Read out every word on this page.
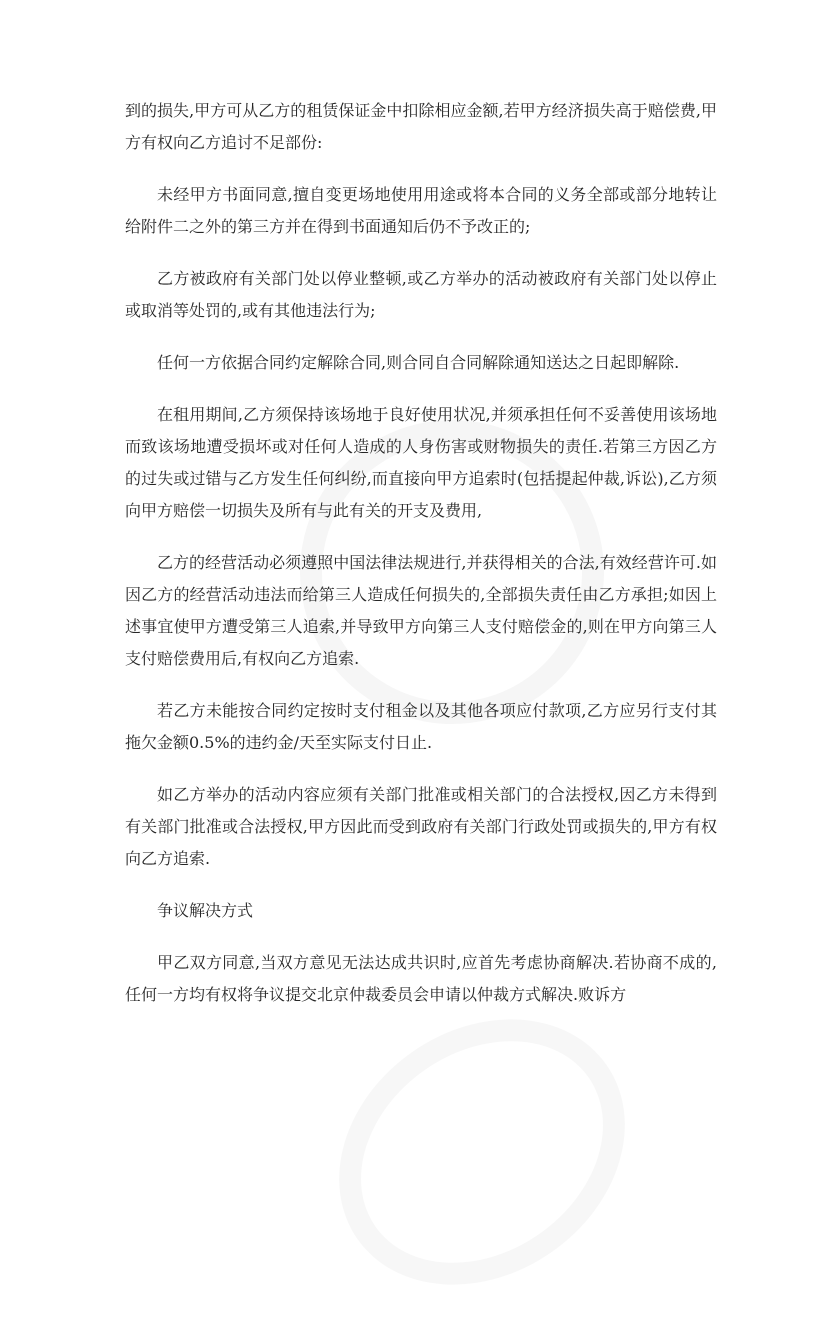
到的损失,甲方可从乙方的租赁保证金中扣除相应金额,若甲方经济损失高于赔偿费,甲方有权向乙方追讨不足部份:

未经甲方书面同意,擅自变更场地使用用途或将本合同的义务全部或部分地转让给附件二之外的第三方并在得到书面通知后仍不予改正的;

乙方被政府有关部门处以停业整顿,或乙方举办的活动被政府有关部门处以停止或取消等处罚的,或有其他违法行为;

任何一方依据合同约定解除合同,则合同自合同解除通知送达之日起即解除.

在租用期间,乙方须保持该场地于良好使用状况,并须承担任何不妥善使用该场地而致该场地遭受损坏或对任何人造成的人身伤害或财物损失的责任.若第三方因乙方的过失或过错与乙方发生任何纠纷,而直接向甲方追索时(包括提起仲裁,诉讼),乙方须向甲方赔偿一切损失及所有与此有关的开支及费用,

乙方的经营活动必须遵照中国法律法规进行,并获得相关的合法,有效经营许可.如因乙方的经营活动违法而给第三人造成任何损失的,全部损失责任由乙方承担;如因上述事宜使甲方遭受第三人追索,并导致甲方向第三人支付赔偿金的,则在甲方向第三人支付赔偿费用后,有权向乙方追索.

若乙方未能按合同约定按时支付租金以及其他各项应付款项,乙方应另行支付其拖欠金额0.5%的违约金/天至实际支付日止.

如乙方举办的活动内容应须有关部门批准或相关部门的合法授权,因乙方未得到有关部门批准或合法授权,甲方因此而受到政府有关部门行政处罚或损失的,甲方有权向乙方追索.

争议解决方式

甲乙双方同意,当双方意见无法达成共识时,应首先考虑协商解决.若协商不成的,任何一方均有权将争议提交北京仲裁委员会申请以仲裁方式解决.败诉方
